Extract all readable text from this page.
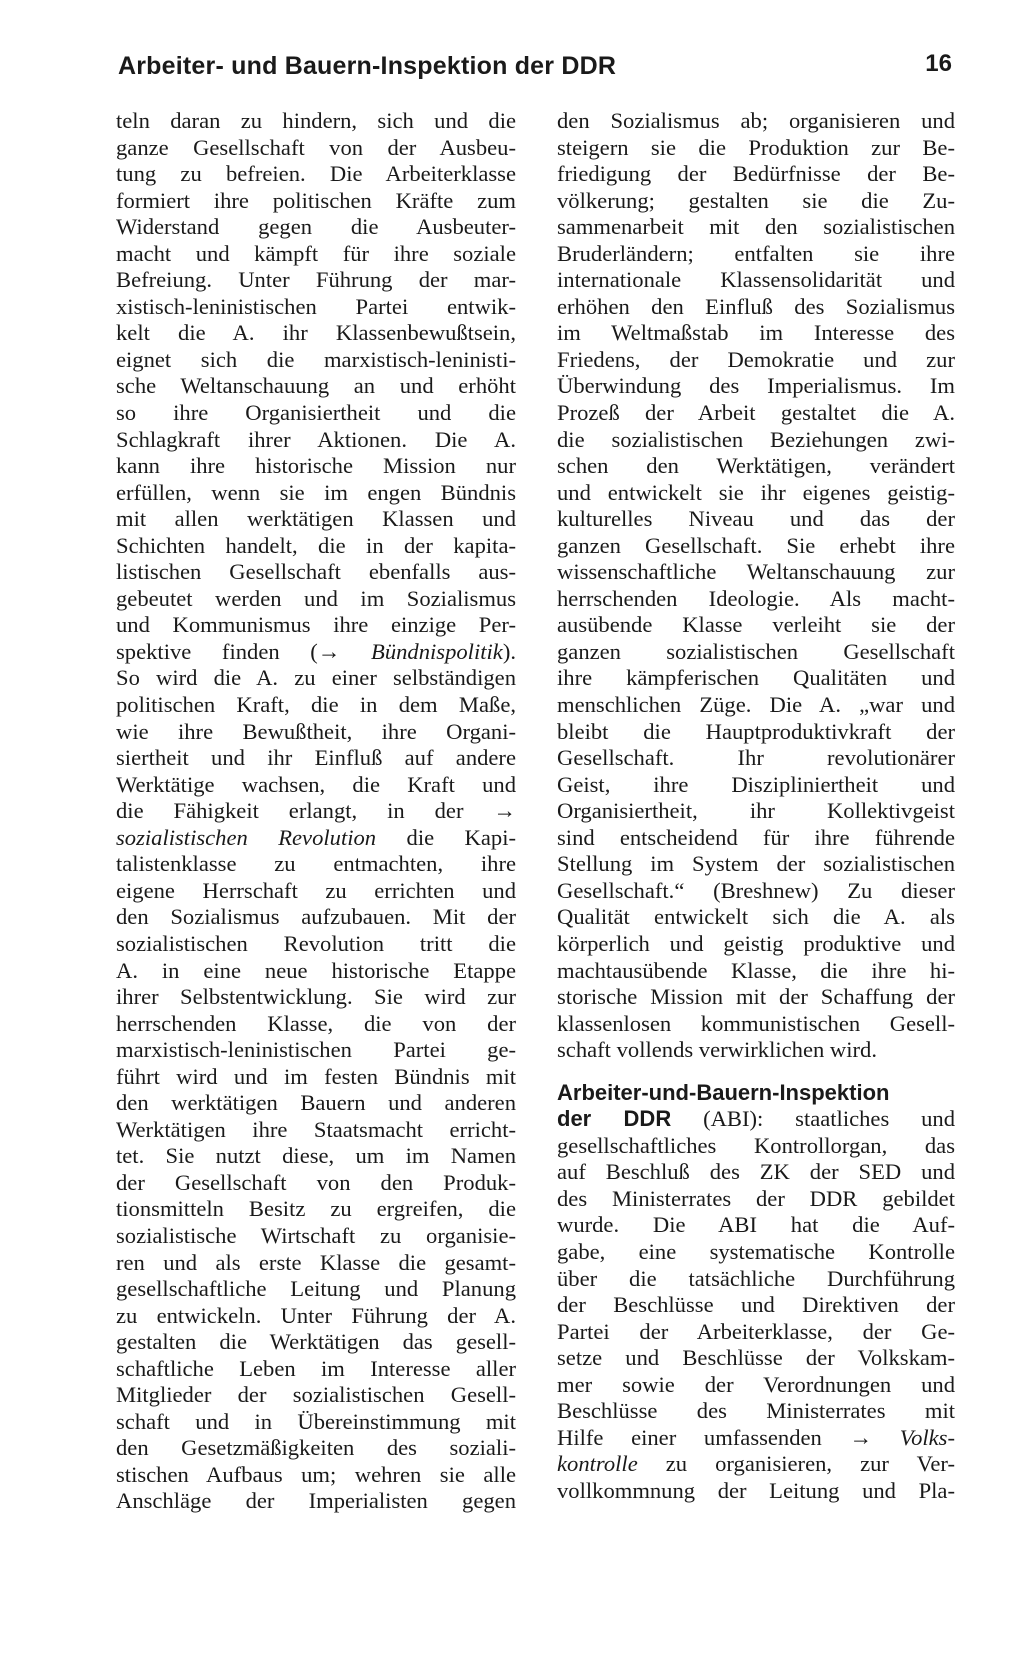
Arbeiter- und Bauern-Inspektion der DDR	16
teln daran zu hindern, sich und die
ganze Gesellschaft von der Ausbeu-
tung zu befreien. Die Arbeiterklasse
formiert ihre politischen Kräfte zum
Widerstand gegen die Ausbeuter-
macht und kämpft für ihre soziale
Befreiung. Unter Führung der mar-
xistisch-leninistischen Partei entwik-
kelt die A. ihr Klassenbewußtsein,
eignet sich die marxistisch-leninisti-
sche Weltanschauung an und erhöht
so ihre Organisiertheit und die
Schlagkraft ihrer Aktionen. Die A.
kann ihre historische Mission nur
erfüllen, wenn sie im engen Bündnis
mit allen werktätigen Klassen und
Schichten handelt, die in der kapita-
listischen Gesellschaft ebenfalls aus-
gebeutet werden und im Sozialismus
und Kommunismus ihre einzige Per-
spektive finden (→ Bündnispolitik).
So wird die A. zu einer selbständigen
politischen Kraft, die in dem Maße,
wie ihre Bewußtheit, ihre Organi-
siertheit und ihr Einfluß auf andere
Werktätige wachsen, die Kraft und
die Fähigkeit erlangt, in der →
sozialistischen Revolution die Kapi-
talistenklasse zu entmachten, ihre
eigene Herrschaft zu errichten und
den Sozialismus aufzubauen. Mit der
sozialistischen Revolution tritt die
A. in eine neue historische Etappe
ihrer Selbstentwicklung. Sie wird zur
herrschenden Klasse, die von der
marxistisch-leninistischen Partei ge-
führt wird und im festen Bündnis mit
den werktätigen Bauern und anderen
Werktätigen ihre Staatsmacht erricht-
tet. Sie nutzt diese, um im Namen
der Gesellschaft von den Produk-
tionsmitteln Besitz zu ergreifen, die
sozialistische Wirtschaft zu organisie-
ren und als erste Klasse die gesamt-
gesellschaftliche Leitung und Planung
zu entwickeln. Unter Führung der A.
gestalten die Werktätigen das gesell-
schaftliche Leben im Interesse aller
Mitglieder der sozialistischen Gesell-
schaft und in Übereinstimmung mit
den Gesetzmäßigkeiten des soziali-
stischen Aufbaus um; wehren sie alle
Anschläge der Imperialisten gegen
den Sozialismus ab; organisieren und
steigern sie die Produktion zur Be-
friedigung der Bedürfnisse der Be-
völkerung; gestalten sie die Zu-
sammenarbeit mit den sozialistischen
Bruderländern; entfalten sie ihre
internationale Klassensolidarität und
erhöhen den Einfluß des Sozialismus
im Weltmaßstab im Interesse des
Friedens, der Demokratie und zur
Überwindung des Imperialismus. Im
Prozeß der Arbeit gestaltet die A.
die sozialistischen Beziehungen zwi-
schen den Werktätigen, verändert
und entwickelt sie ihr eigenes geistig-
kulturelles Niveau und das der
ganzen Gesellschaft. Sie erhebt ihre
wissenschaftliche Weltanschauung zur
herrschenden Ideologie. Als macht-
ausübende Klasse verleiht sie der
ganzen sozialistischen Gesellschaft
ihre kämpferischen Qualitäten und
menschlichen Züge. Die A. „war und
bleibt die Hauptproduktivkraft der
Gesellschaft. Ihr revolutionärer
Geist, ihre Diszipliniertheit und
Organisiertheit, ihr Kollektivgeist
sind entscheidend für ihre führende
Stellung im System der sozialistischen
Gesellschaft.“ (Breshnew) Zu dieser
Qualität entwickelt sich die A. als
körperlich und geistig produktive und
machtausübende Klasse, die ihre hi-
storische Mission mit der Schaffung der
klassenlosen kommunistischen Gesell-
schaft vollends verwirklichen wird.
Arbeiter-und-Bauern-Inspektion
der DDR (ABI): staatliches und
gesellschaftliches Kontrollorgan, das
auf Beschluß des ZK der SED und
des Ministerrates der DDR gebildet
wurde. Die ABI hat die Auf-
gabe, eine systematische Kontrolle
über die tatsächliche Durchführung
der Beschlüsse und Direktiven der
Partei der Arbeiterklasse, der Ge-
setze und Beschlüsse der Volkskam-
mer sowie der Verordnungen und
Beschlüsse des Ministerrates mit
Hilfe einer umfassenden → Volks-
kontrolle zu organisieren, zur Ver-
vollkommnung der Leitung und Pla-
